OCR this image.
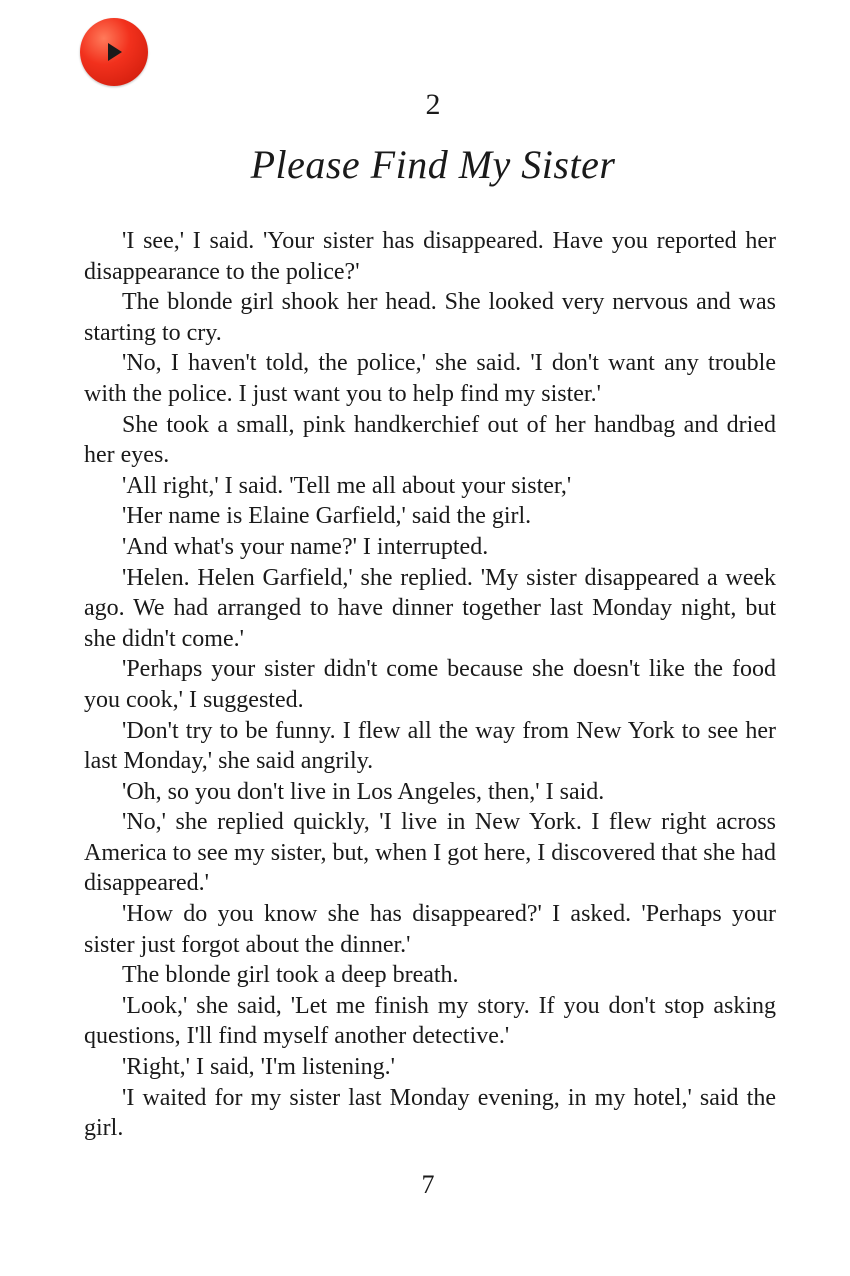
2
Please Find My Sister

'I see,' I said. 'Your sister has disappeared. Have you reported her disappearance to the police?'

The blonde girl shook her head. She looked very nervous and was starting to cry.

'No, I haven't told, the police,' she said. 'I don't want any trouble with the police. I just want you to help find my sister.'

She took a small, pink handkerchief out of her handbag and dried her eyes.

'All right,' I said. 'Tell me all about your sister,'

'Her name is Elaine Garfield,' said the girl.

'And what's your name?' I interrupted.

'Helen. Helen Garfield,' she replied. 'My sister disappeared a week ago. We had arranged to have dinner together last Monday night, but she didn't come.'

'Perhaps your sister didn't come because she doesn't like the food you cook,' I suggested.

'Don't try to be funny. I flew all the way from New York to see her last Monday,' she said angrily.

'Oh, so you don't live in Los Angeles, then,' I said.

'No,' she replied quickly, 'I live in New York. I flew right across America to see my sister, but, when I got here, I discovered that she had disappeared.'

'How do you know she has disappeared?' I asked. 'Perhaps your sister just forgot about the dinner.'

The blonde girl took a deep breath.

'Look,' she said, 'Let me finish my story. If you don't stop asking questions, I'll find myself another detective.'

'Right,' I said, 'I'm listening.'

'I waited for my sister last Monday evening, in my hotel,' said the girl.

7
